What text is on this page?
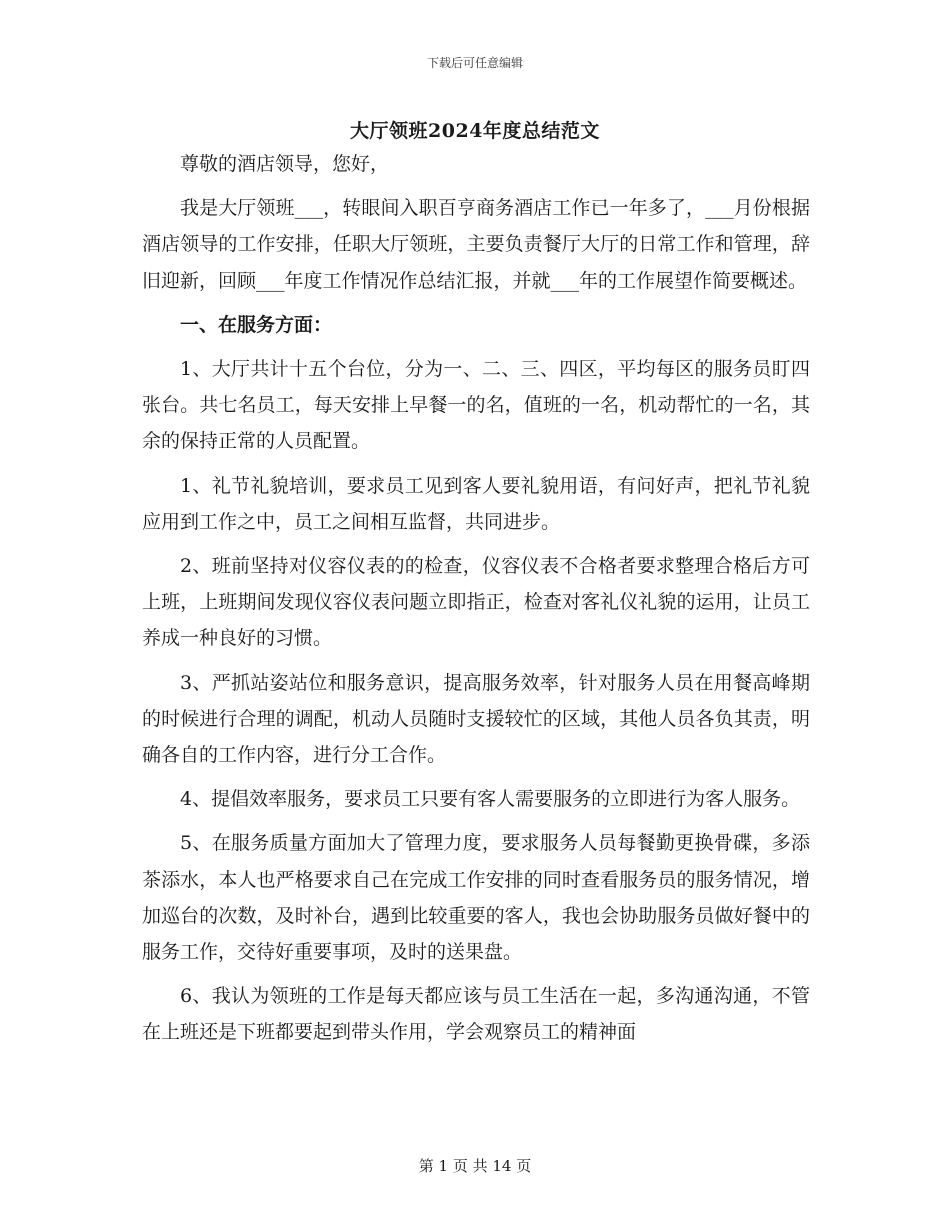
下载后可任意编辑
大厅领班2024年度总结范文

尊敬的酒店领导，您好，

我是大厅领班___，转眼间入职百亨商务酒店工作已一年多了，___月份根据酒店领导的工作安排，任职大厅领班，主要负责餐厅大厅的日常工作和管理，辞旧迎新，回顾___年度工作情况作总结汇报，并就___年的工作展望作简要概述。

一、在服务方面：

1、大厅共计十五个台位，分为一、二、三、四区，平均每区的服务员盯四张台。共七名员工，每天安排上早餐一的名，值班的一名，机动帮忙的一名，其余的保持正常的人员配置。

1、礼节礼貌培训，要求员工见到客人要礼貌用语，有问好声，把礼节礼貌应用到工作之中，员工之间相互监督，共同进步。

2、班前坚持对仪容仪表的的检查，仪容仪表不合格者要求整理合格后方可上班，上班期间发现仪容仪表问题立即指正，检查对客礼仪礼貌的运用，让员工养成一种良好的习惯。

3、严抓站姿站位和服务意识，提高服务效率，针对服务人员在用餐高峰期的时候进行合理的调配，机动人员随时支援较忙的区域，其他人员各负其责，明确各自的工作内容，进行分工合作。

4、提倡效率服务，要求员工只要有客人需要服务的立即进行为客人服务。

5、在服务质量方面加大了管理力度，要求服务人员每餐勤更换骨碟，多添茶添水，本人也严格要求自己在完成工作安排的同时查看服务员的服务情况，增加巡台的次数，及时补台，遇到比较重要的客人，我也会协助服务员做好餐中的服务工作，交待好重要事项，及时的送果盘。

6、我认为领班的工作是每天都应该与员工生活在一起，多沟通沟通，不管在上班还是下班都要起到带头作用，学会观察员工的精神面

第 1 页 共 14 页
